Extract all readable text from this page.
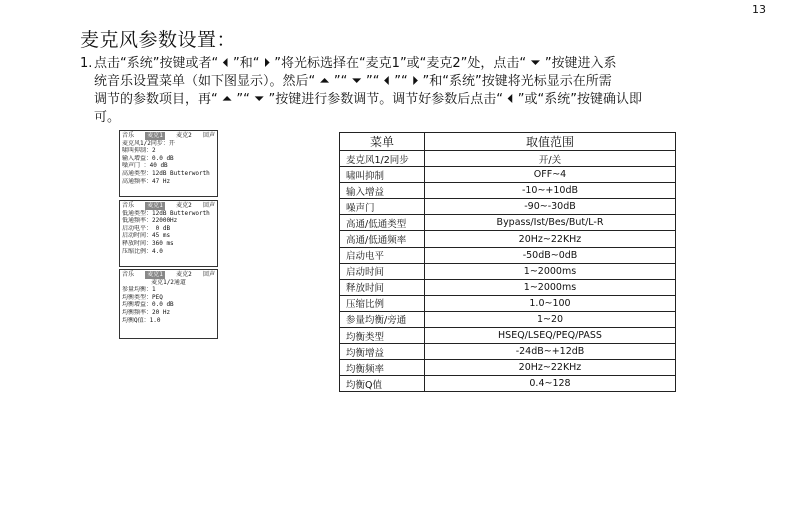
13
麦克风参数设置：
1. 点击“系统”按键或者“ ⏴ ”和“ ⏵ ”将光标选择在“麦克1”或“麦克2”处，点击“ ⏷ ”按键进入系
统音乐设置菜单（如下图显示）。然后“ ⏶ ”“ ⏷ ”“ ⏴ ”“ ⏵ ”和“系统”按键将光标显示在所需
调节的参数项目，再“ ⏶ ”“ ⏷ ”按键进行参数调节。调节好参数后点击“ ⏴ ”或“系统”按键确认即
可。
音乐	麦克1	麦克2 回声
麦克风1/2同步：开
啸叫抑制：2
输入增益：0.0 dB
噪声门 ：40 dB
高通类型：12dB Butterworth
高通频率：47 Hz
音乐	麦克1	麦克2 回声
低通类型：12dB Butterworth
低通频率：22000Hz
启动电平： 0 dB
启动时间：45 ms
释放时间：360 ms
压缩比例：4.0
音乐	麦克1	麦克2 回声
麦克1/2通道
参量均衡：1
均衡类型：PEQ
均衡增益：0.0 dB
均衡频率：20 Hz
均衡Q值：1.0
菜单	取值范围
麦克风1/2同步	开/关
啸叫抑制	OFF~4
输入增益	-10~+10dB
噪声门	-90~-30dB
高通/低通类型	Bypass/Ist/Bes/But/L-R
高通/低通频率	20Hz~22KHz
启动电平	-50dB~0dB
启动时间	1~2000ms
释放时间	1~2000ms
压缩比例	1.0~100
参量均衡/旁通	1~20
均衡类型	HSEQ/LSEQ/PEQ/PASS
均衡增益	-24dB~+12dB
均衡频率	20Hz~22KHz
均衡Q值	0.4~128
